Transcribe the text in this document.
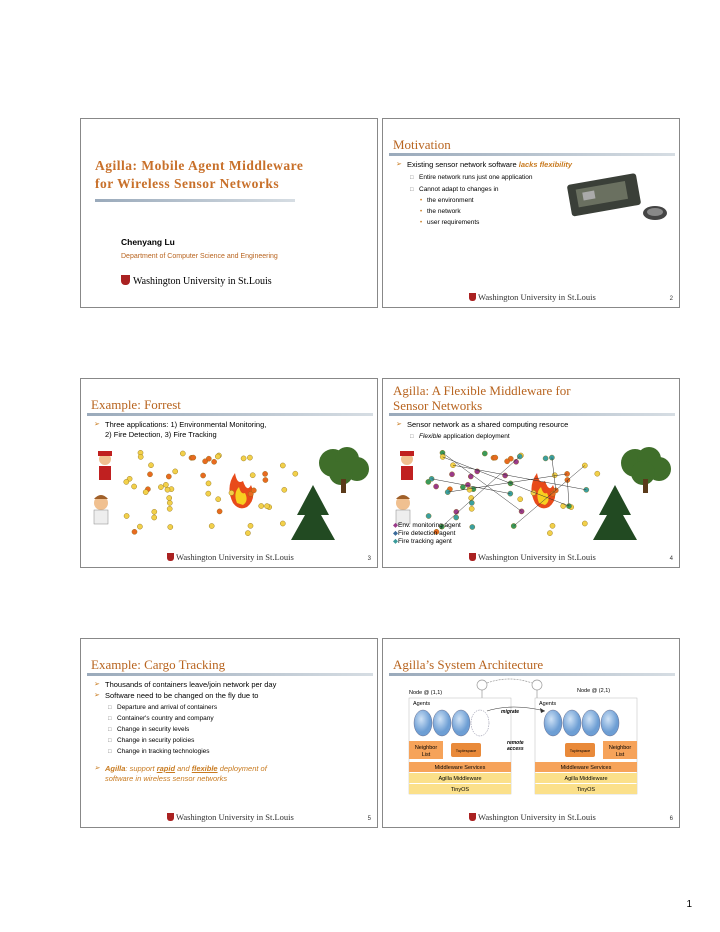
Agilla: Mobile Agent Middleware
for Wireless Sensor Networks
Chenyang Lu
Department of Computer Science and Engineering
Washington University in St.Louis
Motivation
➢ Existing sensor network software lacks flexibility
□ Entire network runs just one application
□ Cannot adapt to changes in
• the environment
• the network
• user requirements
Washington University in St.Louis	2
Example: Forrest
➢ Three applications: 1) Environmental Monitoring,
2) Fire Detection, 3) Fire Tracking
Washington University in St.Louis	3
Agilla: A Flexible Middleware for
Sensor Networks
➢ Sensor network as a shared computing resource
□ Flexible application deployment
◆Env. monitoring agent
◆Fire detection agent
◆Fire tracking agent
Washington University in St.Louis	4
Example: Cargo Tracking
➢ Thousands of containers leave/join network per day
➢ Software need to be changed on the fly due to
□ Departure and arrival of containers
□ Container's country and company
□ Change in security levels
□ Change in security policies
□ Change in tracking technologies
➢ Agilla: support rapid and flexible deployment of
software in wireless sensor networks
Washington University in St.Louis	5
Agilla’s System Architecture
Node @ (1,1)	Node @ (2,1)
Agents	Agents
migrate
remote
access
Neighbor
List
Tuplespace	Neighbor
List
Tuplespace
Middleware Services
Agilla Middleware
TinyOS
Middleware Services
Agilla Middleware
TinyOS
Washington University in St.Louis	6
1
